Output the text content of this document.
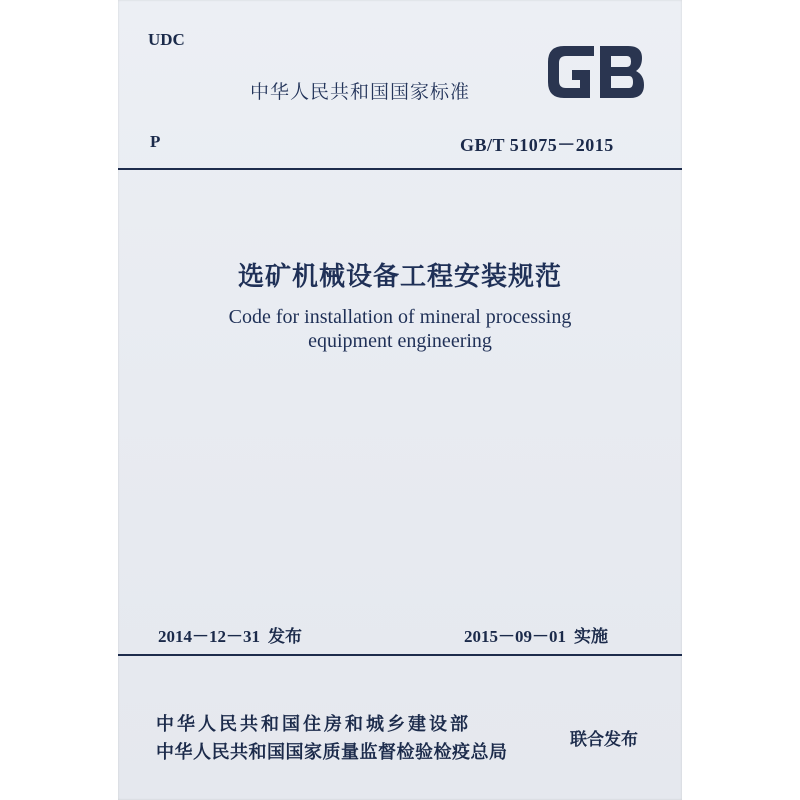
UDC
中华人民共和国国家标准
P	GB/T 51075－2015
选矿机械设备工程安装规范
Code for installation of mineral processing
equipment engineering
2014－12－31 发布	2015－09－01 实施
中华人民共和国住房和城乡建设部
中华人民共和国国家质量监督检验检疫总局
联合发布
